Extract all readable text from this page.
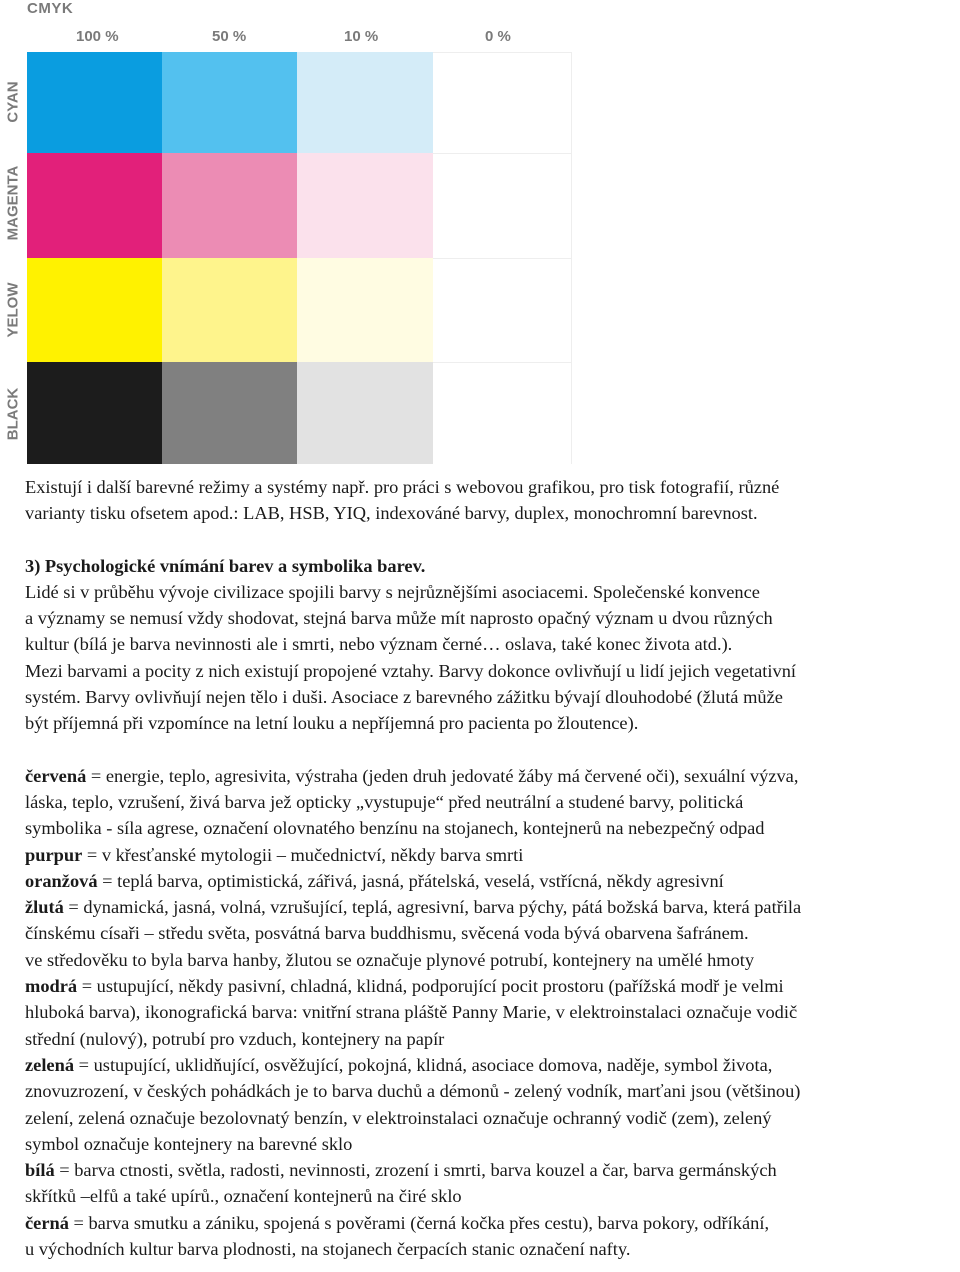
CMYK
100 %	50 %	10 %	0 %
CYAN
MAGENTA
YELOW
BLACK

Existují i další barevné režimy a systémy např. pro práci s webovou grafikou, pro tisk fotografií, různé

varianty tisku ofsetem apod.: LAB, HSB, YIQ, indexováné barvy, duplex, monochromní barevnost.

3) Psychologické vnímání barev a symbolika barev.

Lidé si v průběhu vývoje civilizace spojili barvy s nejrůznějšími asociacemi. Společenské konvence

a významy se nemusí vždy shodovat, stejná barva může mít naprosto opačný význam u dvou různých

kultur (bílá je barva nevinnosti ale i smrti, nebo význam černé… oslava, také konec života atd.).

Mezi barvami a pocity z nich existují propojené vztahy. Barvy dokonce ovlivňují u lidí jejich vegetativní

systém. Barvy ovlivňují nejen tělo i duši. Asociace z barevného zážitku bývají dlouhodobé (žlutá může

být příjemná při vzpomínce na letní louku a nepříjemná pro pacienta po žloutence).

červená = energie, teplo, agresivita, výstraha (jeden druh jedovaté žáby má červené oči), sexuální výzva,

láska, teplo, vzrušení, živá barva jež opticky „vystupuje“ před neutrální a studené barvy, politická

symbolika - síla agrese, označení olovnatého benzínu na stojanech, kontejnerů na nebezpečný odpad

purpur = v křesťanské mytologii – mučednictví, někdy barva smrti

oranžová = teplá barva, optimistická, zářivá, jasná, přátelská, veselá, vstřícná, někdy agresivní

žlutá = dynamická, jasná, volná, vzrušující, teplá, agresivní, barva pýchy, pátá božská barva, která patřila

čínskému císaři – středu světa, posvátná barva buddhismu, svěcená voda bývá obarvena šafránem.

ve středověku to byla barva hanby, žlutou se označuje plynové potrubí, kontejnery na umělé hmoty

modrá = ustupující, někdy pasivní, chladná, klidná, podporující pocit prostoru (pařížská modř je velmi

hluboká barva), ikonografická barva: vnitřní strana pláště Panny Marie, v elektroinstalaci označuje vodič

střední (nulový), potrubí pro vzduch, kontejnery na papír

zelená = ustupující, uklidňující, osvěžující, pokojná, klidná, asociace domova, naděje, symbol života,

znovuzrození, v českých pohádkách je to barva duchů a démonů - zelený vodník, marťani jsou (většinou)

zelení, zelená označuje bezolovnatý benzín, v elektroinstalaci označuje ochranný vodič (zem), zelený

symbol označuje kontejnery na barevné sklo

bílá = barva ctnosti, světla, radosti, nevinnosti, zrození i smrti, barva kouzel a čar, barva germánských

skřítků –elfů a také upírů., označení kontejnerů na čiré sklo

černá = barva smutku a zániku, spojená s pověrami (černá kočka přes cestu), barva pokory, odříkání,

u východních kultur barva plodnosti, na stojanech čerpacích stanic označení nafty.
